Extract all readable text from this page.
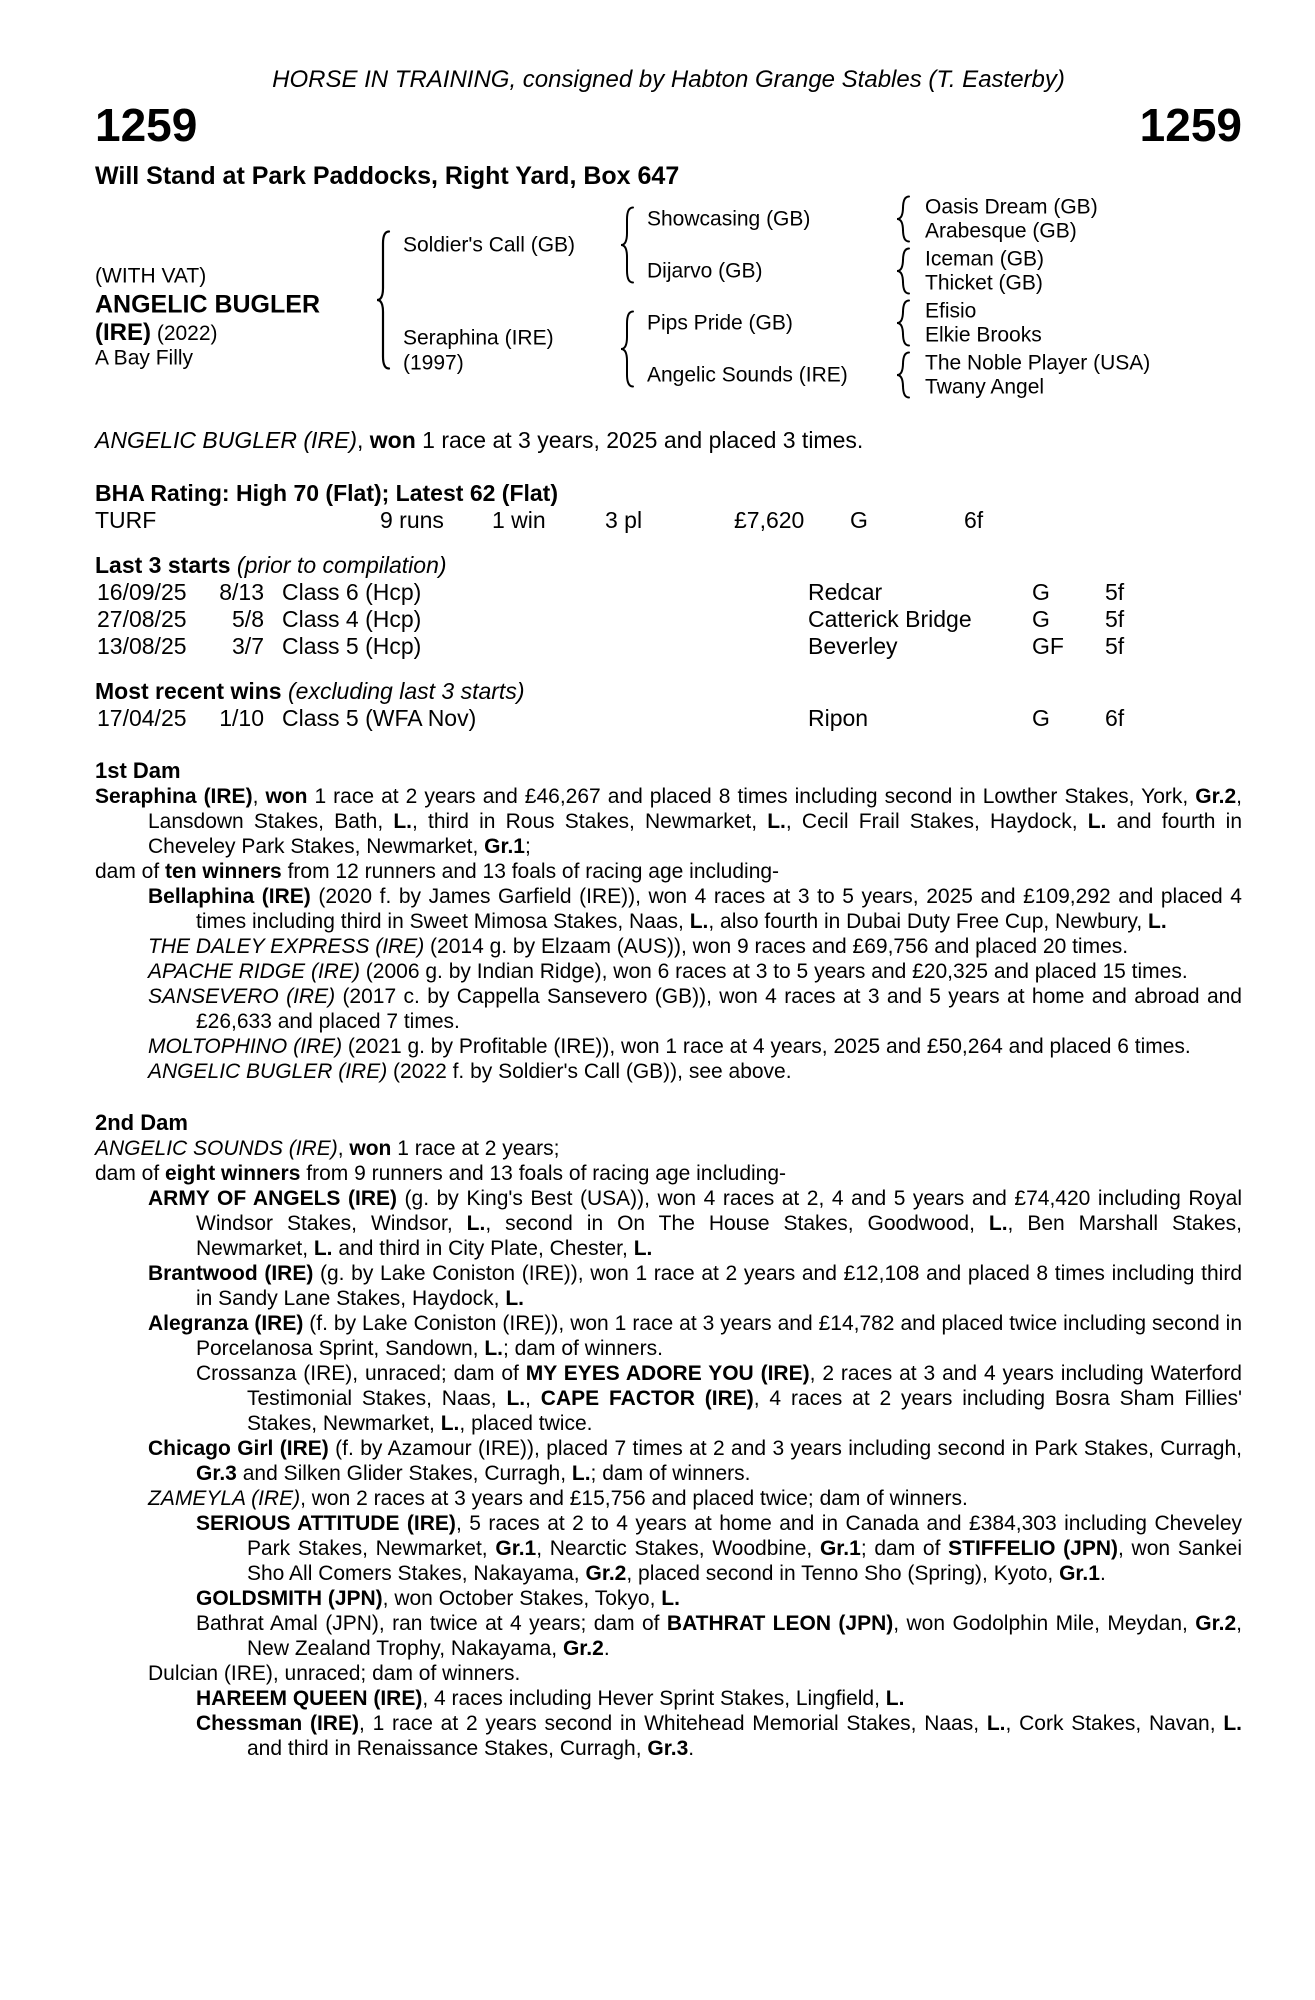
HORSE IN TRAINING, consigned by Habton Grange Stables (T. Easterby)
1259	1259
Will Stand at Park Paddocks, Right Yard, Box 647
(WITH VAT)
ANGELIC BUGLER
(IRE) (2022)
A Bay Filly
Soldier's Call (GB)
Seraphina (IRE)
(1997)
Showcasing (GB)
Dijarvo (GB)
Pips Pride (GB)
Angelic Sounds (IRE)
Oasis Dream (GB)
Arabesque (GB)
Iceman (GB)
Thicket (GB)
Efisio
Elkie Brooks
The Noble Player (USA)
Twany Angel
ANGELIC BUGLER (IRE), won 1 race at 3 years, 2025 and placed 3 times.
BHA Rating: High 70 (Flat); Latest 62 (Flat)
TURF	9 runs 1 win	3 pl	£7,620 G	6f
Last 3 starts (prior to compilation)
16/09/25	8/13 Class 6 (Hcp)	Redcar	G 5f
27/08/25	5/8 Class 4 (Hcp)	Catterick Bridge	G 5f
13/08/25	3/7 Class 5 (Hcp)	Beverley	GF 5f
Most recent wins (excluding last 3 starts)
17/04/25	1/10 Class 5 (WFA Nov)	Ripon	G 6f
1st Dam

Seraphina (IRE), won 1 race at 2 years and £46,267 and placed 8 times including second in Lowther Stakes, York, Gr.2, Lansdown Stakes, Bath, L., third in Rous Stakes, Newmarket, L., Cecil Frail Stakes, Haydock, L. and fourth in Cheveley Park Stakes, Newmarket, Gr.1;

dam of ten winners from 12 runners and 13 foals of racing age including-

Bellaphina (IRE) (2020 f. by James Garfield (IRE)), won 4 races at 3 to 5 years, 2025 and £109,292 and placed 4 times including third in Sweet Mimosa Stakes, Naas, L., also fourth in Dubai Duty Free Cup, Newbury, L.

THE DALEY EXPRESS (IRE) (2014 g. by Elzaam (AUS)), won 9 races and £69,756 and placed 20 times.

APACHE RIDGE (IRE) (2006 g. by Indian Ridge), won 6 races at 3 to 5 years and £20,325 and placed 15 times.

SANSEVERO (IRE) (2017 c. by Cappella Sansevero (GB)), won 4 races at 3 and 5 years at home and abroad and £26,633 and placed 7 times.

MOLTOPHINO (IRE) (2021 g. by Profitable (IRE)), won 1 race at 4 years, 2025 and £50,264 and placed 6 times.

ANGELIC BUGLER (IRE) (2022 f. by Soldier's Call (GB)), see above.

2nd Dam

ANGELIC SOUNDS (IRE), won 1 race at 2 years;

dam of eight winners from 9 runners and 13 foals of racing age including-

ARMY OF ANGELS (IRE) (g. by King's Best (USA)), won 4 races at 2, 4 and 5 years and £74,420 including Royal Windsor Stakes, Windsor, L., second in On The House Stakes, Goodwood, L., Ben Marshall Stakes, Newmarket, L. and third in City Plate, Chester, L.

Brantwood (IRE) (g. by Lake Coniston (IRE)), won 1 race at 2 years and £12,108 and placed 8 times including third in Sandy Lane Stakes, Haydock, L.

Alegranza (IRE) (f. by Lake Coniston (IRE)), won 1 race at 3 years and £14,782 and placed twice including second in Porcelanosa Sprint, Sandown, L.; dam of winners.

Crossanza (IRE), unraced; dam of MY EYES ADORE YOU (IRE), 2 races at 3 and 4 years including Waterford Testimonial Stakes, Naas, L., CAPE FACTOR (IRE), 4 races at 2 years including Bosra Sham Fillies' Stakes, Newmarket, L., placed twice.

Chicago Girl (IRE) (f. by Azamour (IRE)), placed 7 times at 2 and 3 years including second in Park Stakes, Curragh, Gr.3 and Silken Glider Stakes, Curragh, L.; dam of winners.

ZAMEYLA (IRE), won 2 races at 3 years and £15,756 and placed twice; dam of winners.

SERIOUS ATTITUDE (IRE), 5 races at 2 to 4 years at home and in Canada and £384,303 including Cheveley Park Stakes, Newmarket, Gr.1, Nearctic Stakes, Woodbine, Gr.1; dam of STIFFELIO (JPN), won Sankei Sho All Comers Stakes, Nakayama, Gr.2, placed second in Tenno Sho (Spring), Kyoto, Gr.1.

GOLDSMITH (JPN), won October Stakes, Tokyo, L.

Bathrat Amal (JPN), ran twice at 4 years; dam of BATHRAT LEON (JPN), won Godolphin Mile, Meydan, Gr.2, New Zealand Trophy, Nakayama, Gr.2.

Dulcian (IRE), unraced; dam of winners.

HAREEM QUEEN (IRE), 4 races including Hever Sprint Stakes, Lingfield, L.

Chessman (IRE), 1 race at 2 years second in Whitehead Memorial Stakes, Naas, L., Cork Stakes, Navan, L. and third in Renaissance Stakes, Curragh, Gr.3.
